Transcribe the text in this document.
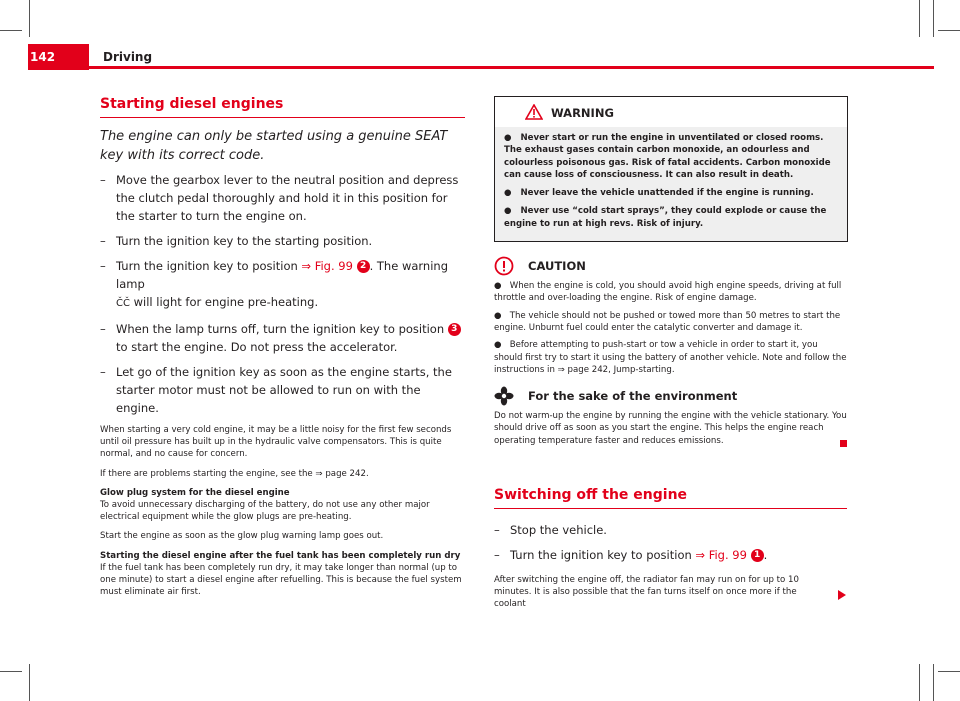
142	Driving
Starting diesel engines
The engine can only be started using a genuine SEAT key with its correct code.
– Move the gearbox lever to the neutral position and depress the clutch pedal thoroughly and hold it in this position for the starter to turn the engine on.
– Turn the ignition key to the starting position.
– Turn the ignition key to position ⇒ Fig. 99 2 . The warning lamp
ČČ will light for engine pre-heating.
– When the lamp turns off, turn the ignition key to position 3 to start the engine. Do not press the accelerator.
– Let go of the ignition key as soon as the engine starts, the starter motor must not be allowed to run on with the engine.
When starting a very cold engine, it may be a little noisy for the first few seconds until oil pressure has built up in the hydraulic valve compensators. This is quite normal, and no cause for concern.
If there are problems starting the engine, see the ⇒ page 242.
Glow plug system for the diesel engine
To avoid unnecessary discharging of the battery, do not use any other major electrical equipment while the glow plugs are pre-heating.
Start the engine as soon as the glow plug warning lamp goes out.
Starting the diesel engine after the fuel tank has been completely run dry
If the fuel tank has been completely run dry, it may take longer than normal (up to one minute) to start a diesel engine after refuelling. This is because the fuel system must eliminate air first.
WARNING

●   Never start or run the engine in unventilated or closed rooms. The exhaust gases contain carbon monoxide, an odourless and colourless poisonous gas. Risk of fatal accidents. Carbon monoxide can cause loss of consciousness. It can also result in death.

●   Never leave the vehicle unattended if the engine is running.

●   Never use “cold start sprays”, they could explode or cause the engine to run at high revs. Risk of injury.

CAUTION

●   When the engine is cold, you should avoid high engine speeds, driving at full throttle and over-loading the engine. Risk of engine damage.

●   The vehicle should not be pushed or towed more than 50 metres to start the engine. Unburnt fuel could enter the catalytic converter and damage it.

●   Before attempting to push-start or tow a vehicle in order to start it, you should first try to start it using the battery of another vehicle. Note and follow the instructions in ⇒ page 242, Jump-starting.

For the sake of the environment

Do not warm-up the engine by running the engine with the vehicle stationary. You should drive off as soon as you start the engine. This helps the engine reach operating temperature faster and reduces emissions.

Switching off the engine
– Stop the vehicle.
– Turn the ignition key to position ⇒ Fig. 99 1 .
After switching the engine off, the radiator fan may run on for up to 10 minutes. It is also possible that the fan turns itself on once more if the coolant
